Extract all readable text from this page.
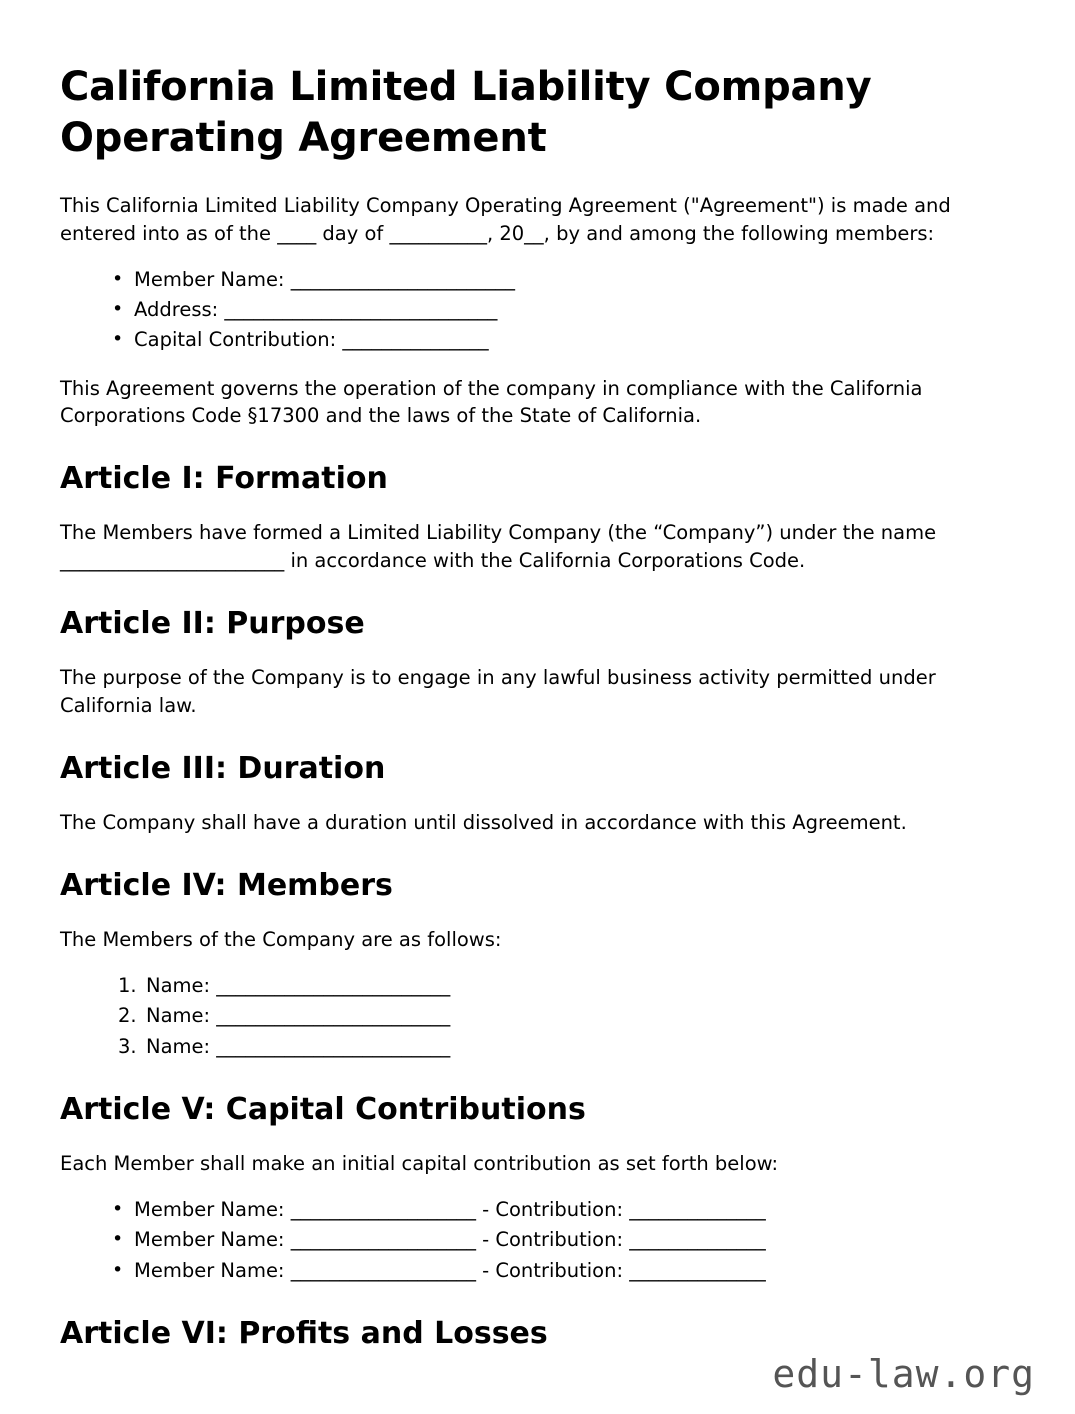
California Limited Liability Company Operating Agreement

This California Limited Liability Company Operating Agreement ("Agreement") is made and entered into as of the ____ day of __________, 20__, by and among the following members:

• Member Name: _______________________
• Address: ____________________________
• Capital Contribution: _______________

This Agreement governs the operation of the company in compliance with the California Corporations Code §17300 and the laws of the State of California.

Article I: Formation

The Members have formed a Limited Liability Company (the “Company”) under the name _______________________ in accordance with the California Corporations Code.

Article II: Purpose

The purpose of the Company is to engage in any lawful business activity permitted under California law.

Article III: Duration

The Company shall have a duration until dissolved in accordance with this Agreement.

Article IV: Members

The Members of the Company are as follows:

Name: ________________________
Name: ________________________
Name: ________________________
Article V: Capital Contributions

Each Member shall make an initial capital contribution as set forth below:

• Member Name: ___________________ - Contribution: ______________
• Member Name: ___________________ - Contribution: ______________
• Member Name: ___________________ - Contribution: ______________
Article VI: Profits and Losses
edu-law.org
